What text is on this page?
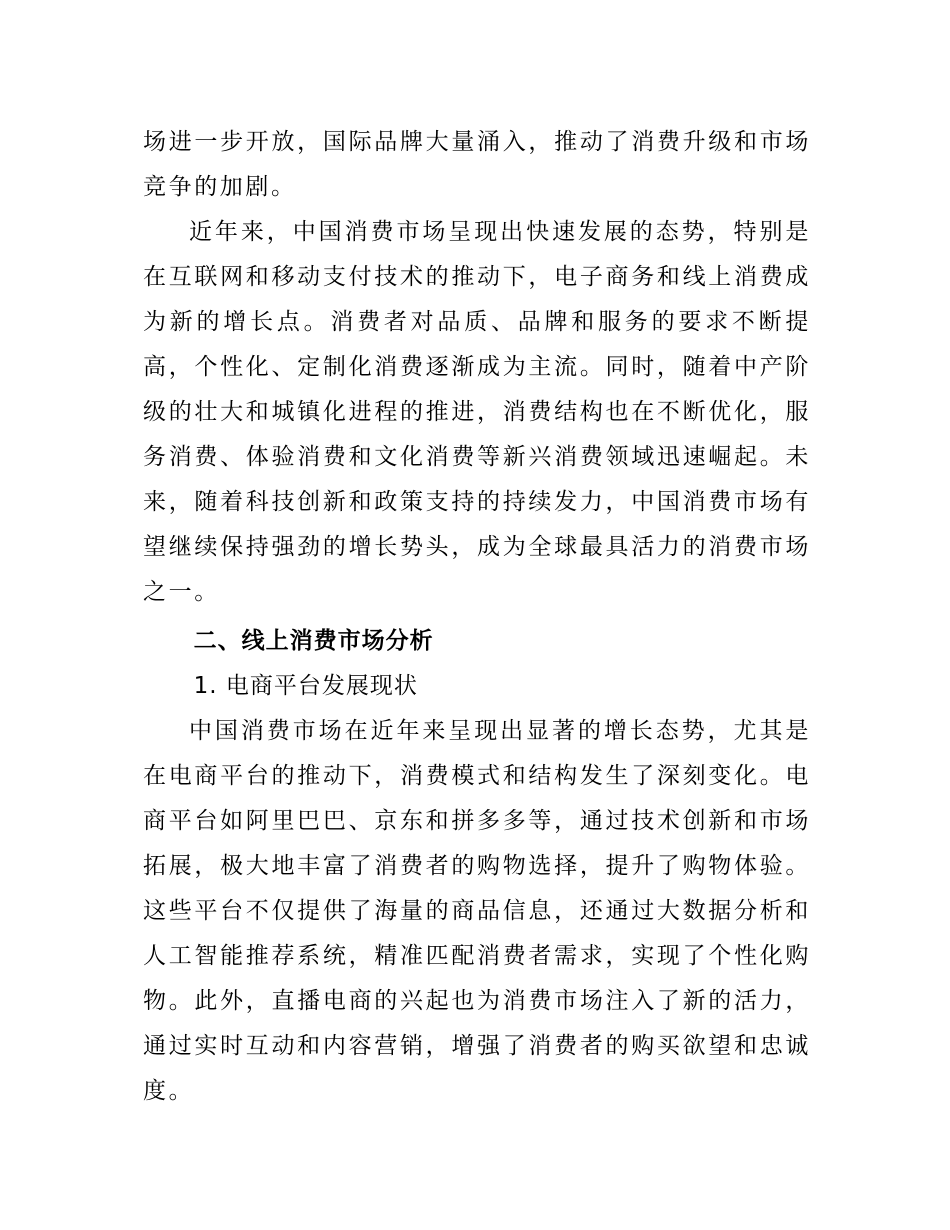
场进一步开放，国际品牌大量涌入，推动了消费升级和市场竞争的加剧。

近年来，中国消费市场呈现出快速发展的态势，特别是在互联网和移动支付技术的推动下，电子商务和线上消费成为新的增长点。消费者对品质、品牌和服务的要求不断提高，个性化、定制化消费逐渐成为主流。同时，随着中产阶级的壮大和城镇化进程的推进，消费结构也在不断优化，服务消费、体验消费和文化消费等新兴消费领域迅速崛起。未来，随着科技创新和政策支持的持续发力，中国消费市场有望继续保持强劲的增长势头，成为全球最具活力的消费市场之一。

二、线上消费市场分析

1. 电商平台发展现状

中国消费市场在近年来呈现出显著的增长态势，尤其是在电商平台的推动下，消费模式和结构发生了深刻变化。电商平台如阿里巴巴、京东和拼多多等，通过技术创新和市场拓展，极大地丰富了消费者的购物选择，提升了购物体验。这些平台不仅提供了海量的商品信息，还通过大数据分析和人工智能推荐系统，精准匹配消费者需求，实现了个性化购物。此外，直播电商的兴起也为消费市场注入了新的活力，通过实时互动和内容营销，增强了消费者的购买欲望和忠诚度。
